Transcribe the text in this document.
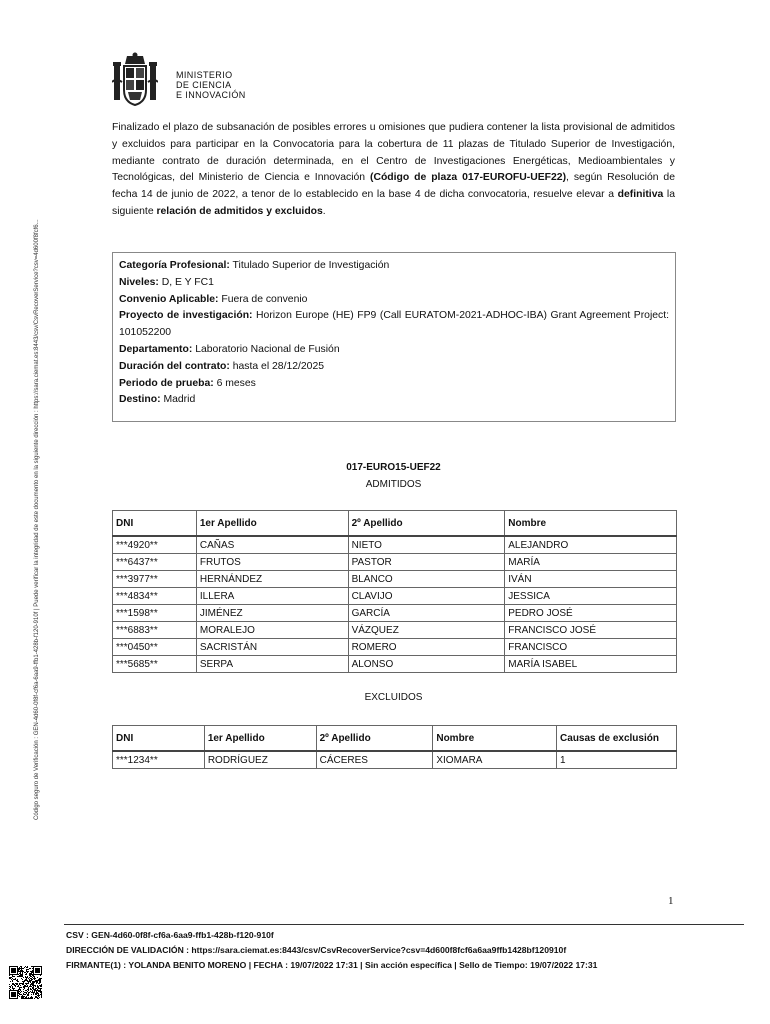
Código seguro de Verificación : GEN-4d60-0f8f-cf6a-6aa9-ffb1-428b-f120-910f | Puede verificar la integridad de este documento en la siguiente dirección : https://sara.ciemat.es:8443/csv/CsvRecoverService?csv=4d600f8fcf6...
MINISTERIO
DE CIENCIA
E INNOVACIÓN
Finalizado el plazo de subsanación de posibles errores u omisiones que pudiera contener la lista provisional de admitidos y excluidos para participar en la Convocatoria para la cobertura de 11 plazas de Titulado Superior de Investigación, mediante contrato de duración determinada, en el Centro de Investigaciones Energéticas, Medioambientales y Tecnológicas, del Ministerio de Ciencia e Innovación (Código de plaza 017-EUROFU-UEF22), según Resolución de fecha 14 de junio de 2022, a tenor de lo establecido en la base 4 de dicha convocatoria, resuelve elevar a definitiva la siguiente relación de admitidos y excluidos.
Categoría Profesional: Titulado Superior de Investigación
Niveles: D, E Y FC1
Convenio Aplicable: Fuera de convenio
Proyecto de investigación: Horizon Europe (HE) FP9 (Call EURATOM-2021-ADHOC-IBA) Grant Agreement Project: 101052200
Departamento: Laboratorio Nacional de Fusión
Duración del contrato: hasta el 28/12/2025
Periodo de prueba: 6 meses
Destino: Madrid
017-EURO15-UEF22
ADMITIDOS
DNI	1er Apellido	2º Apellido	Nombre
***4920**	CAÑAS	NIETO	ALEJANDRO
***6437**	FRUTOS	PASTOR	MARÍA
***3977**	HERNÁNDEZ	BLANCO	IVÁN
***4834**	ILLERA	CLAVIJO	JESSICA
***1598**	JIMÉNEZ	GARCÍA	PEDRO JOSÉ
***6883**	MORALEJO	VÁZQUEZ	FRANCISCO JOSÉ
***0450**	SACRISTÁN	ROMERO	FRANCISCO
***5685**	SERPA	ALONSO	MARÍA ISABEL
EXCLUIDOS
DNI	1er Apellido	2º Apellido	Nombre	Causas de exclusión
***1234**	RODRÍGUEZ	CÁCERES	XIOMARA	1
1
CSV : GEN-4d60-0f8f-cf6a-6aa9-ffb1-428b-f120-910f
DIRECCIÓN DE VALIDACIÓN : https://sara.ciemat.es:8443/csv/CsvRecoverService?csv=4d600f8fcf6a6aa9ffb1428bf120910f
FIRMANTE(1) : YOLANDA BENITO MORENO | FECHA : 19/07/2022 17:31 | Sin acción específica | Sello de Tiempo: 19/07/2022 17:31
